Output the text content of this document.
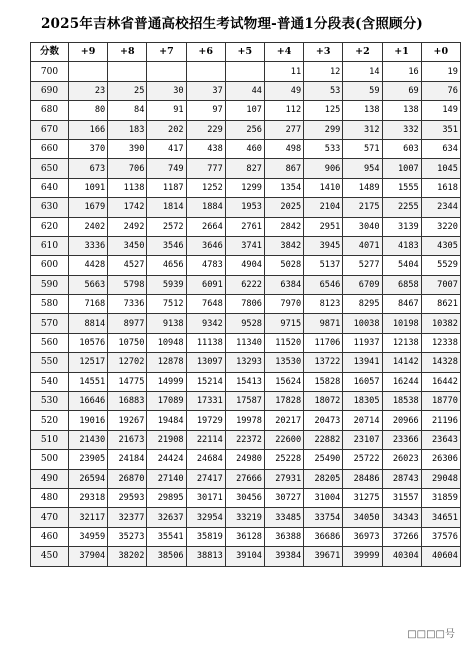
2025年吉林省普通高校招生考试物理-普通1分段表(含照顾分)
分数	+9	+8	+7	+6	+5	+4	+3	+2	+1	+0
700						11	12	14	16	19
690	23	25	30	37	44	49	53	59	69	76
680	80	84	91	97	107	112	125	138	138	149
670	166	183	202	229	256	277	299	312	332	351
660	370	390	417	438	460	498	533	571	603	634
650	673	706	749	777	827	867	906	954	1007	1045
640	1091	1138	1187	1252	1299	1354	1410	1489	1555	1618
630	1679	1742	1814	1884	1953	2025	2104	2175	2255	2344
620	2402	2492	2572	2664	2761	2842	2951	3040	3139	3220
610	3336	3450	3546	3646	3741	3842	3945	4071	4183	4305
600	4428	4527	4656	4783	4904	5028	5137	5277	5404	5529
590	5663	5798	5939	6091	6222	6384	6546	6709	6858	7007
580	7168	7336	7512	7648	7806	7970	8123	8295	8467	8621
570	8814	8977	9138	9342	9528	9715	9871	10038	10198	10382
560	10576	10750	10948	11138	11340	11520	11706	11937	12138	12338
550	12517	12702	12878	13097	13293	13530	13722	13941	14142	14328
540	14551	14775	14999	15214	15413	15624	15828	16057	16244	16442
530	16646	16883	17089	17331	17587	17828	18072	18305	18538	18770
520	19016	19267	19484	19729	19978	20217	20473	20714	20966	21196
510	21430	21673	21908	22114	22372	22600	22882	23107	23366	23643
500	23905	24184	24424	24684	24980	25228	25490	25722	26023	26306
490	26594	26870	27140	27417	27666	27931	28205	28486	28743	29048
480	29318	29593	29895	30171	30456	30727	31004	31275	31557	31859
470	32117	32377	32637	32954	33219	33485	33754	34050	34343	34651
460	34959	35273	35541	35819	36128	36388	36686	36973	37266	37576
450	37904	38202	38506	38813	39104	39384	39671	39999	40304	40604
□□□□号
